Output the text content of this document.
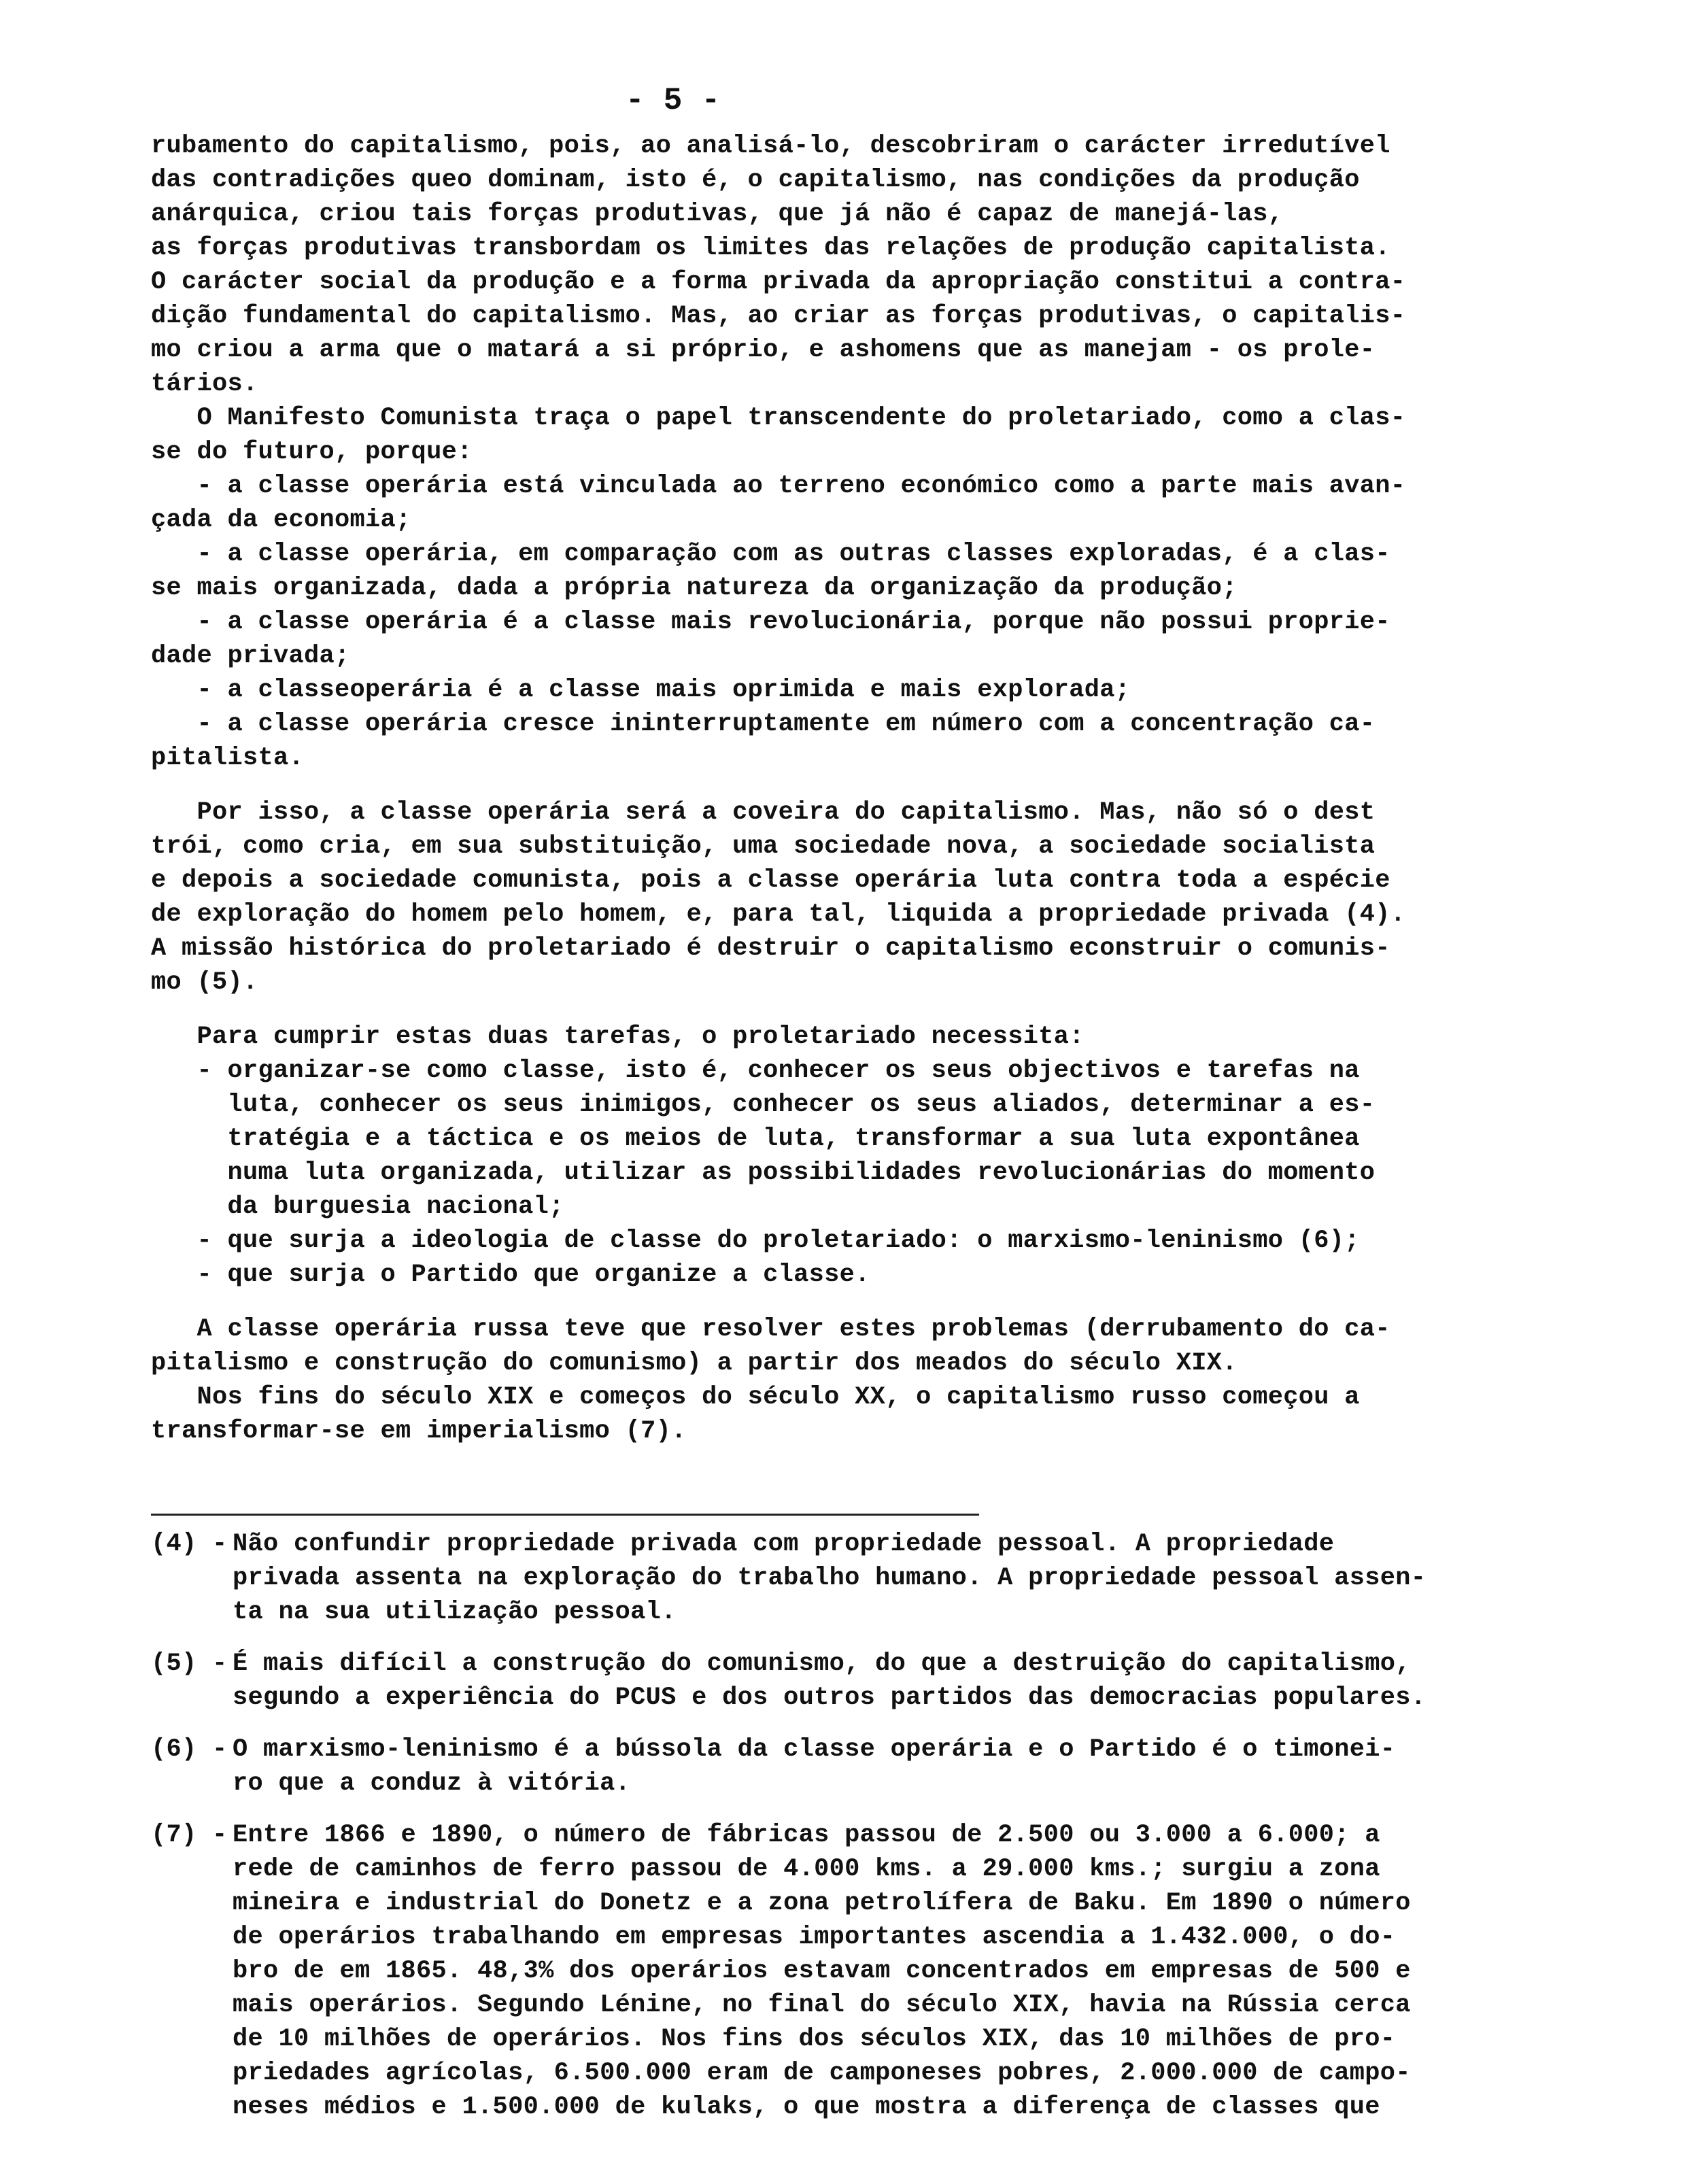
- 5 -
rubamento do capitalismo, pois, ao analisá-lo, descobriram o carácter irredutível
das contradições queo dominam, isto é, o capitalismo, nas condições da produção
anárquica, criou tais forças produtivas, que já não é capaz de manejá-las,
as forças produtivas transbordam os limites das relações de produção capitalista.
O carácter social da produção e a forma privada da apropriação constitui a contra-
dição fundamental do capitalismo. Mas, ao criar as forças produtivas, o capitalis-
mo criou a arma que o matará a si próprio, e ashomens que as manejam - os prole-
tários.
O Manifesto Comunista traça o papel transcendente do proletariado, como a clas-
se do futuro, porque:
- a classe operária está vinculada ao terreno económico como a parte mais avan-
çada da economia;
- a classe operária, em comparação com as outras classes exploradas, é a clas-
se mais organizada, dada a própria natureza da organização da produção;
- a classe operária é a classe mais revolucionária, porque não possui proprie-
dade privada;
- a classeoperária é a classe mais oprimida e mais explorada;
- a classe operária cresce ininterruptamente em número com a concentração ca-
pitalista.
Por isso, a classe operária será a coveira do capitalismo. Mas, não só o dest
trói, como cria, em sua substituição, uma sociedade nova, a sociedade socialista
e depois a sociedade comunista, pois a classe operária luta contra toda a espécie
de exploração do homem pelo homem, e, para tal, liquida a propriedade privada (4).
A missão histórica do proletariado é destruir o capitalismo econstruir o comunis-
mo (5).
Para cumprir estas duas tarefas, o proletariado necessita:
- organizar-se como classe, isto é, conhecer os seus objectivos e tarefas na
luta, conhecer os seus inimigos, conhecer os seus aliados, determinar a es-
tratégia e a táctica e os meios de luta, transformar a sua luta expontânea
numa luta organizada, utilizar as possibilidades revolucionárias do momento
da burguesia nacional;
- que surja a ideologia de classe do proletariado: o marxismo-leninismo (6);
- que surja o Partido que organize a classe.
A classe operária russa teve que resolver estes problemas (derrubamento do ca-
pitalismo e construção do comunismo) a partir dos meados do século XIX.
Nos fins do século XIX e começos do século XX, o capitalismo russo começou a
transformar-se em imperialismo (7).
(4) - Não confundir propriedade privada com propriedade pessoal. A propriedade
privada assenta na exploração do trabalho humano. A propriedade pessoal assen-
ta na sua utilização pessoal.
(5) - É mais difícil a construção do comunismo, do que a destruição do capitalismo,
segundo a experiência do PCUS e dos outros partidos das democracias populares.
(6) - O marxismo-leninismo é a bússola da classe operária e o Partido é o timonei-
ro que a conduz à vitória.
(7) - Entre 1866 e 1890, o número de fábricas passou de 2.500 ou 3.000 a 6.000; a
rede de caminhos de ferro passou de 4.000 kms. a 29.000 kms.; surgiu a zona
mineira e industrial do Donetz e a zona petrolífera de Baku. Em 1890 o número
de operários trabalhando em empresas importantes ascendia a 1.432.000, o do-
bro de em 1865. 48,3% dos operários estavam concentrados em empresas de 500 e
mais operários. Segundo Lénine, no final do século XIX, havia na Rússia cerca
de 10 milhões de operários. Nos fins dos séculos XIX, das 10 milhões de pro-
priedades agrícolas, 6.500.000 eram de camponeses pobres, 2.000.000 de campo-
neses médios e 1.500.000 de kulaks, o que mostra a diferença de classes que
